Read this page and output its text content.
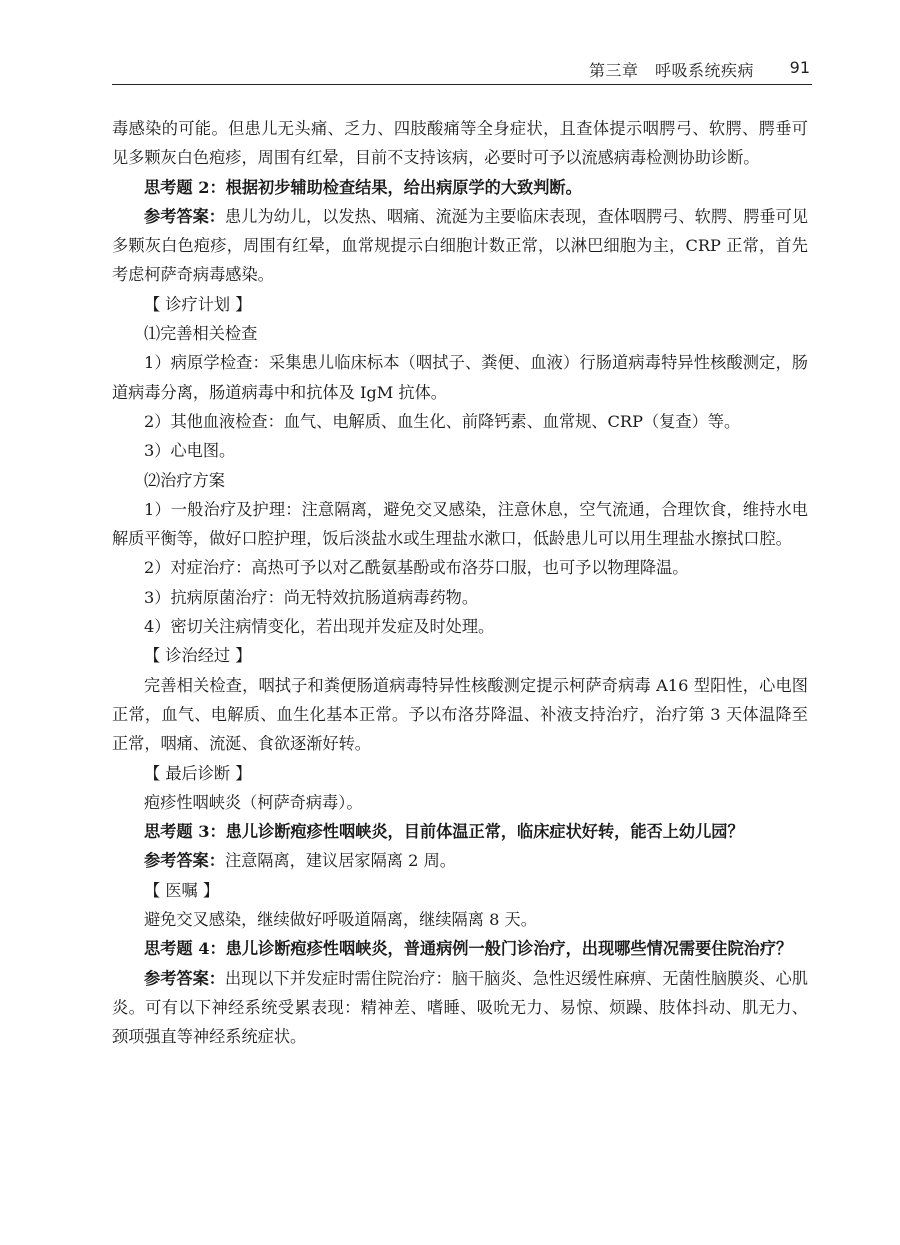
第三章　呼吸系统疾病 91

毒感染的可能。但患儿无头痛、乏力、四肢酸痛等全身症状，且查体提示咽腭弓、软腭、腭垂可见多颗灰白色疱疹，周围有红晕，目前不支持该病，必要时可予以流感病毒检测协助诊断。

思考题 2：根据初步辅助检查结果，给出病原学的大致判断。

参考答案：患儿为幼儿，以发热、咽痛、流涎为主要临床表现，查体咽腭弓、软腭、腭垂可见多颗灰白色疱疹，周围有红晕，血常规提示白细胞计数正常，以淋巴细胞为主，CRP 正常，首先考虑柯萨奇病毒感染。

【 诊疗计划 】

⑴完善相关检查

1）病原学检查：采集患儿临床标本（咽拭子、粪便、血液）行肠道病毒特异性核酸测定，肠道病毒分离，肠道病毒中和抗体及 IgM 抗体。

2）其他血液检查：血气、电解质、血生化、前降钙素、血常规、CRP（复查）等。

3）心电图。

⑵治疗方案

1）一般治疗及护理：注意隔离，避免交叉感染，注意休息，空气流通，合理饮食，维持水电解质平衡等，做好口腔护理，饭后淡盐水或生理盐水漱口，低龄患儿可以用生理盐水擦拭口腔。

2）对症治疗：高热可予以对乙酰氨基酚或布洛芬口服，也可予以物理降温。

3）抗病原菌治疗：尚无特效抗肠道病毒药物。

4）密切关注病情变化，若出现并发症及时处理。

【 诊治经过 】

完善相关检查，咽拭子和粪便肠道病毒特异性核酸测定提示柯萨奇病毒 A16 型阳性，心电图正常，血气、电解质、血生化基本正常。予以布洛芬降温、补液支持治疗，治疗第 3 天体温降至正常，咽痛、流涎、食欲逐渐好转。

【 最后诊断 】

疱疹性咽峡炎（柯萨奇病毒）。

思考题 3：患儿诊断疱疹性咽峡炎，目前体温正常，临床症状好转，能否上幼儿园？

参考答案：注意隔离，建议居家隔离 2 周。

【 医嘱 】

避免交叉感染，继续做好呼吸道隔离，继续隔离 8 天。

思考题 4：患儿诊断疱疹性咽峡炎，普通病例一般门诊治疗，出现哪些情况需要住院治疗？

参考答案：出现以下并发症时需住院治疗：脑干脑炎、急性迟缓性麻痹、无菌性脑膜炎、心肌炎。可有以下神经系统受累表现：精神差、嗜睡、吸吮无力、易惊、烦躁、肢体抖动、肌无力、颈项强直等神经系统症状。
